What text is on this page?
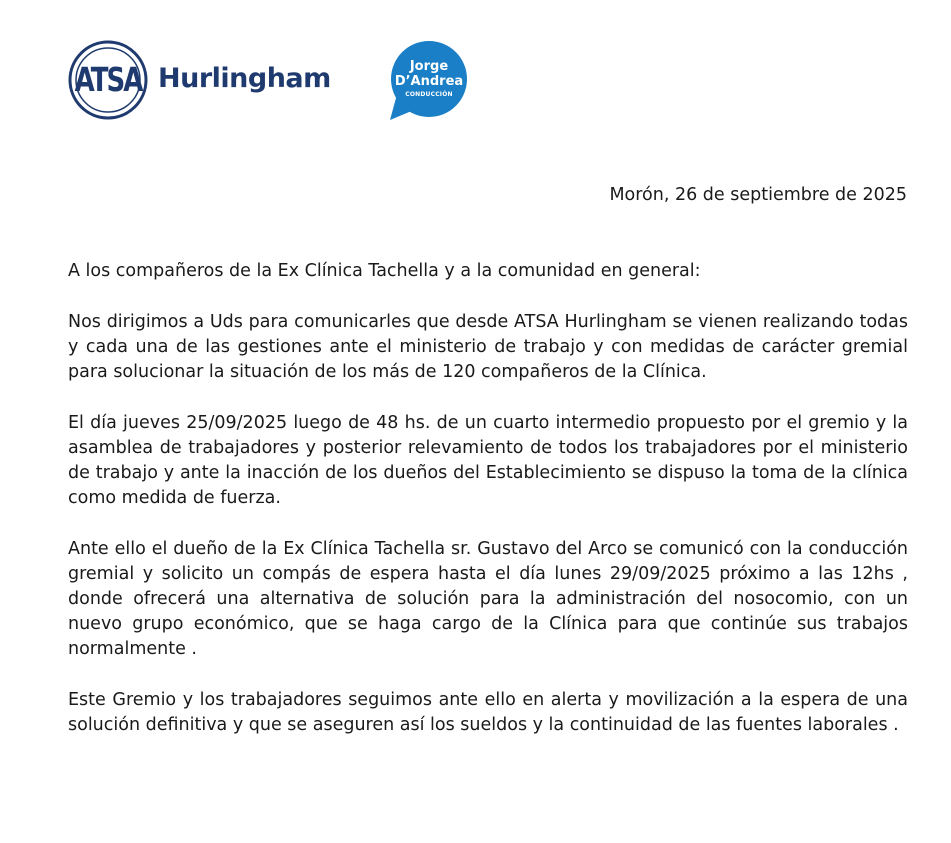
ATSA Hurlingham	Jorge
D’Andrea
CONDUCCIÓN
Morón, 26 de septiembre de 2025

A los compañeros de la Ex Clínica Tachella y a la comunidad en general:

Nos dirigimos a Uds para comunicarles que desde ATSA Hurlingham se vienen realizando todas y cada una de las gestiones ante el ministerio de trabajo y con medidas de carácter gremial para solucionar la situación de los más de 120 compañeros de la Clínica.

El día jueves 25/09/2025 luego de 48 hs. de un cuarto intermedio propuesto por el gremio y la asamblea de trabajadores y posterior relevamiento de todos los trabajadores por el ministerio de trabajo y ante la inacción de los dueños del Establecimiento se dispuso la toma de la clínica como medida de fuerza.

Ante ello el dueño de la Ex Clínica Tachella sr. Gustavo del Arco se comunicó con la conducción gremial y solicito un compás de espera hasta el día lunes 29/09/2025 próximo a las 12hs , donde ofrecerá una alternativa de solución para la administración del nosocomio, con un nuevo grupo económico, que se haga cargo de la Clínica para que continúe sus trabajos normalmente .

Este Gremio y los trabajadores seguimos ante ello en alerta y movilización a la espera de una solución definitiva y que se aseguren así los sueldos y la continuidad de las fuentes laborales .
